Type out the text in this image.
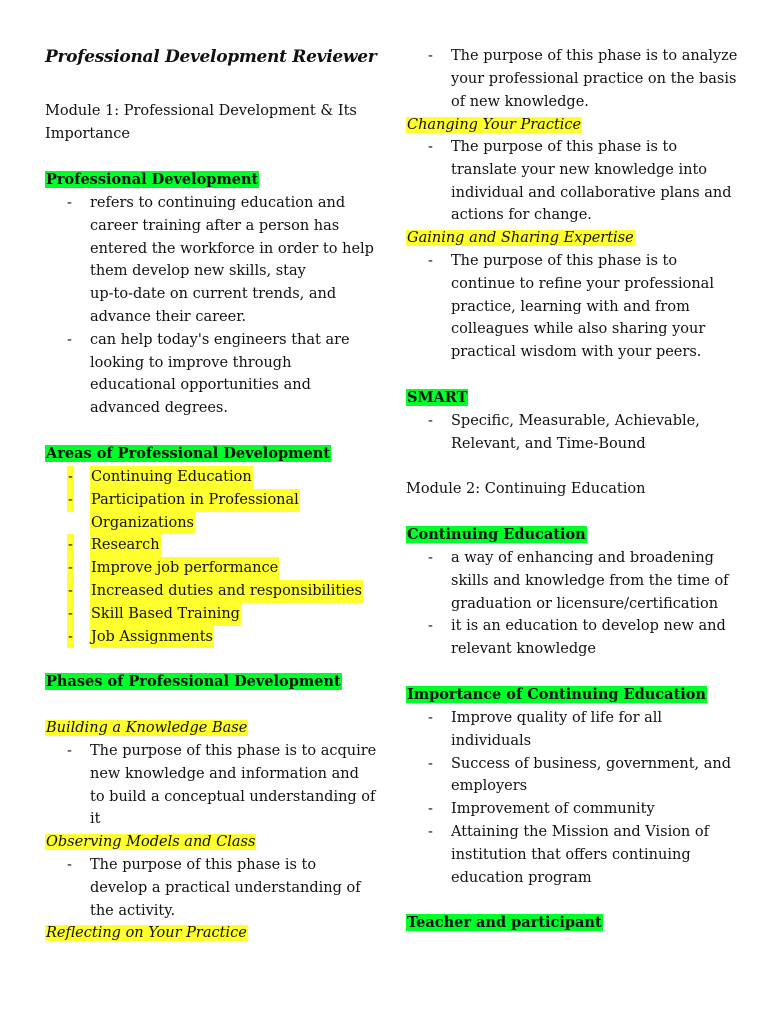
Professional Development Reviewer
Module 1: Professional Development & Its
Importance
Professional Development
- refers to continuing education and
career training after a person has
entered the workforce in order to help
them develop new skills, stay
up-to-date on current trends, and
advance their career.
- can help today's engineers that are
looking to improve through
educational opportunities and
advanced degrees.
Areas of Professional Development
- Continuing Education
- Participation in Professional
Organizations
- Research
- Improve job performance
- Increased duties and responsibilities
- Skill Based Training
- Job Assignments
Phases of Professional Development
Building a Knowledge Base
- The purpose of this phase is to acquire
new knowledge and information and
to build a conceptual understanding of
it
Observing Models and Class
- The purpose of this phase is to
develop a practical understanding of
the activity.
Reflecting on Your Practice
- The purpose of this phase is to analyze
your professional practice on the basis
of new knowledge.
Changing Your Practice
- The purpose of this phase is to
translate your new knowledge into
individual and collaborative plans and
actions for change.
Gaining and Sharing Expertise
- The purpose of this phase is to
continue to refine your professional
practice, learning with and from
colleagues while also sharing your
practical wisdom with your peers.
SMART
- Specific, Measurable, Achievable,
Relevant, and Time-Bound
Module 2: Continuing Education
Continuing Education
- a way of enhancing and broadening
skills and knowledge from the time of
graduation or licensure/certification
- it is an education to develop new and
relevant knowledge
Importance of Continuing Education
- Improve quality of life for all
individuals
- Success of business, government, and
employers
- Improvement of community
- Attaining the Mission and Vision of
institution that offers continuing
education program
Teacher and participant
